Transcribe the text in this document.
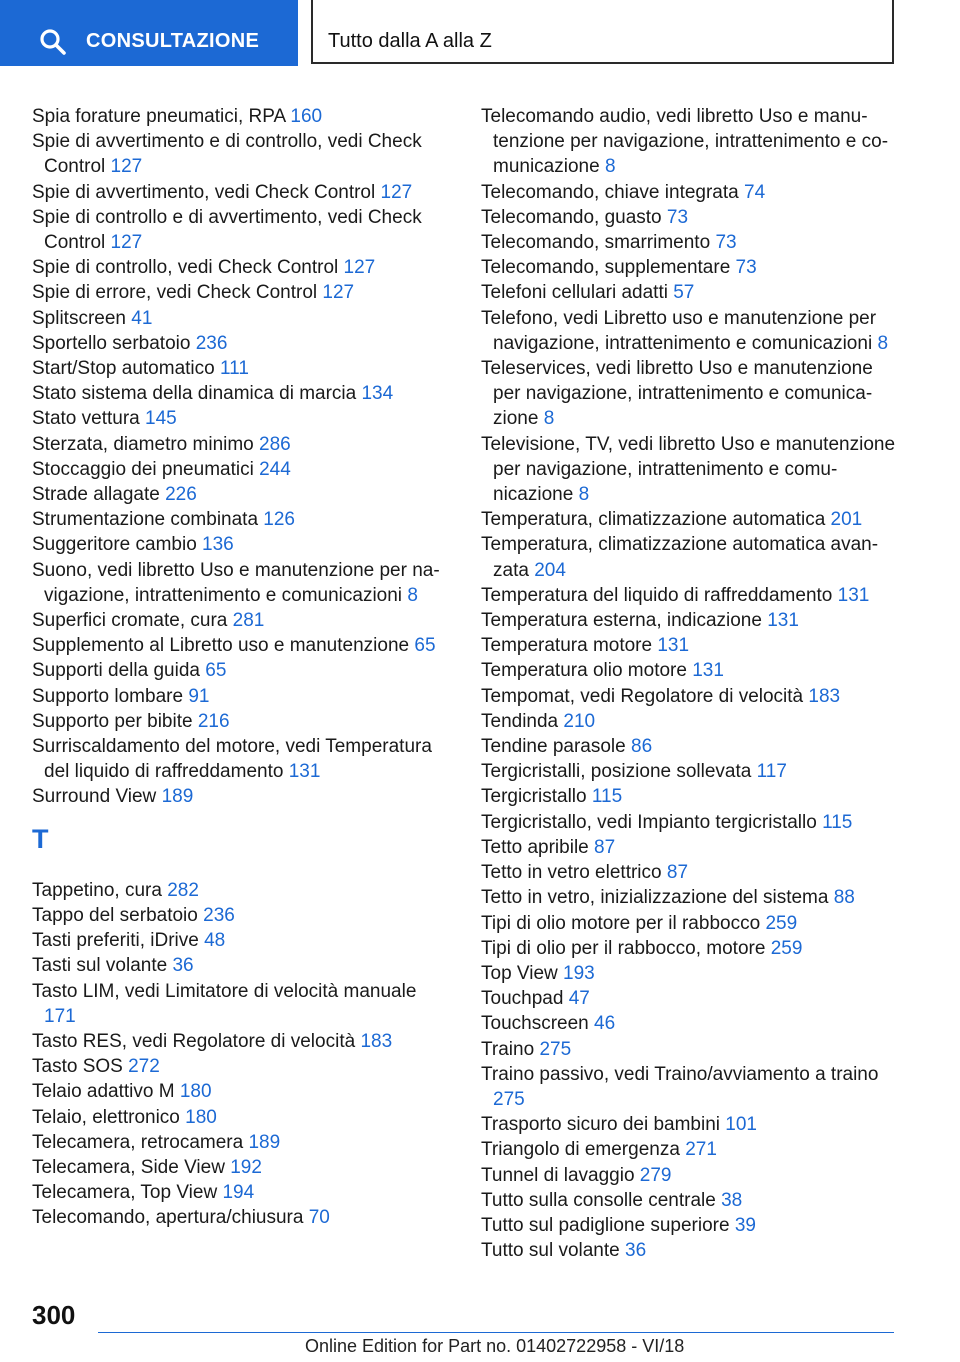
CONSULTAZIONE	Tutto dalla A alla Z
Spia forature pneumatici, RPA 160
Spie di avvertimento e di controllo, vedi Check Control 127
Spie di avvertimento, vedi Check Control 127
Spie di controllo e di avvertimento, vedi Check Control 127
Spie di controllo, vedi Check Control 127
Spie di errore, vedi Check Control 127
Splitscreen 41
Sportello serbatoio 236
Start/Stop automatico 111
Stato sistema della dinamica di marcia 134
Stato vettura 145
Sterzata, diametro minimo 286
Stoccaggio dei pneumatici 244
Strade allagate 226
Strumentazione combinata 126
Suggeritore cambio 136
Suono, vedi libretto Uso e manutenzione per navigazione, intrattenimento e comunicazioni 8
Superfici cromate, cura 281
Supplemento al Libretto uso e manutenzione 65
Supporti della guida 65
Supporto lombare 91
Supporto per bibite 216
Surriscaldamento del motore, vedi Temperatura del liquido di raffreddamento 131
Surround View 189
T
Tappetino, cura 282
Tappo del serbatoio 236
Tasti preferiti, iDrive 48
Tasti sul volante 36
Tasto LIM, vedi Limitatore di velocità manuale 171
Tasto RES, vedi Regolatore di velocità 183
Tasto SOS 272
Telaio adattivo M 180
Telaio, elettronico 180
Telecamera, retrocamera 189
Telecamera, Side View 192
Telecamera, Top View 194
Telecomando, apertura/chiusura 70
Telecomando audio, vedi libretto Uso e manutenzione per navigazione, intrattenimento e comunicazione 8
Telecomando, chiave integrata 74
Telecomando, guasto 73
Telecomando, smarrimento 73
Telecomando, supplementare 73
Telefoni cellulari adatti 57
Telefono, vedi Libretto uso e manutenzione per navigazione, intrattenimento e comunicazioni 8
Teleservices, vedi libretto Uso e manutenzione per navigazione, intrattenimento e comunicazione 8
Televisione, TV, vedi libretto Uso e manutenzione per navigazione, intrattenimento e comunicazione 8
Temperatura, climatizzazione automatica 201
Temperatura, climatizzazione automatica avanzata 204
Temperatura del liquido di raffreddamento 131
Temperatura esterna, indicazione 131
Temperatura motore 131
Temperatura olio motore 131
Tempomat, vedi Regolatore di velocità 183
Tendinda 210
Tendine parasole 86
Tergicristalli, posizione sollevata 117
Tergicristallo 115
Tergicristallo, vedi Impianto tergicristallo 115
Tetto apribile 87
Tetto in vetro elettrico 87
Tetto in vetro, inizializzazione del sistema 88
Tipi di olio motore per il rabbocco 259
Tipi di olio per il rabbocco, motore 259
Top View 193
Touchpad 47
Touchscreen 46
Traino 275
Traino passivo, vedi Traino/avviamento a traino 275
Trasporto sicuro dei bambini 101
Triangolo di emergenza 271
Tunnel di lavaggio 279
Tutto sulla consolle centrale 38
Tutto sul padiglione superiore 39
Tutto sul volante 36
300
Online Edition for Part no. 01402722958 - VI/18
